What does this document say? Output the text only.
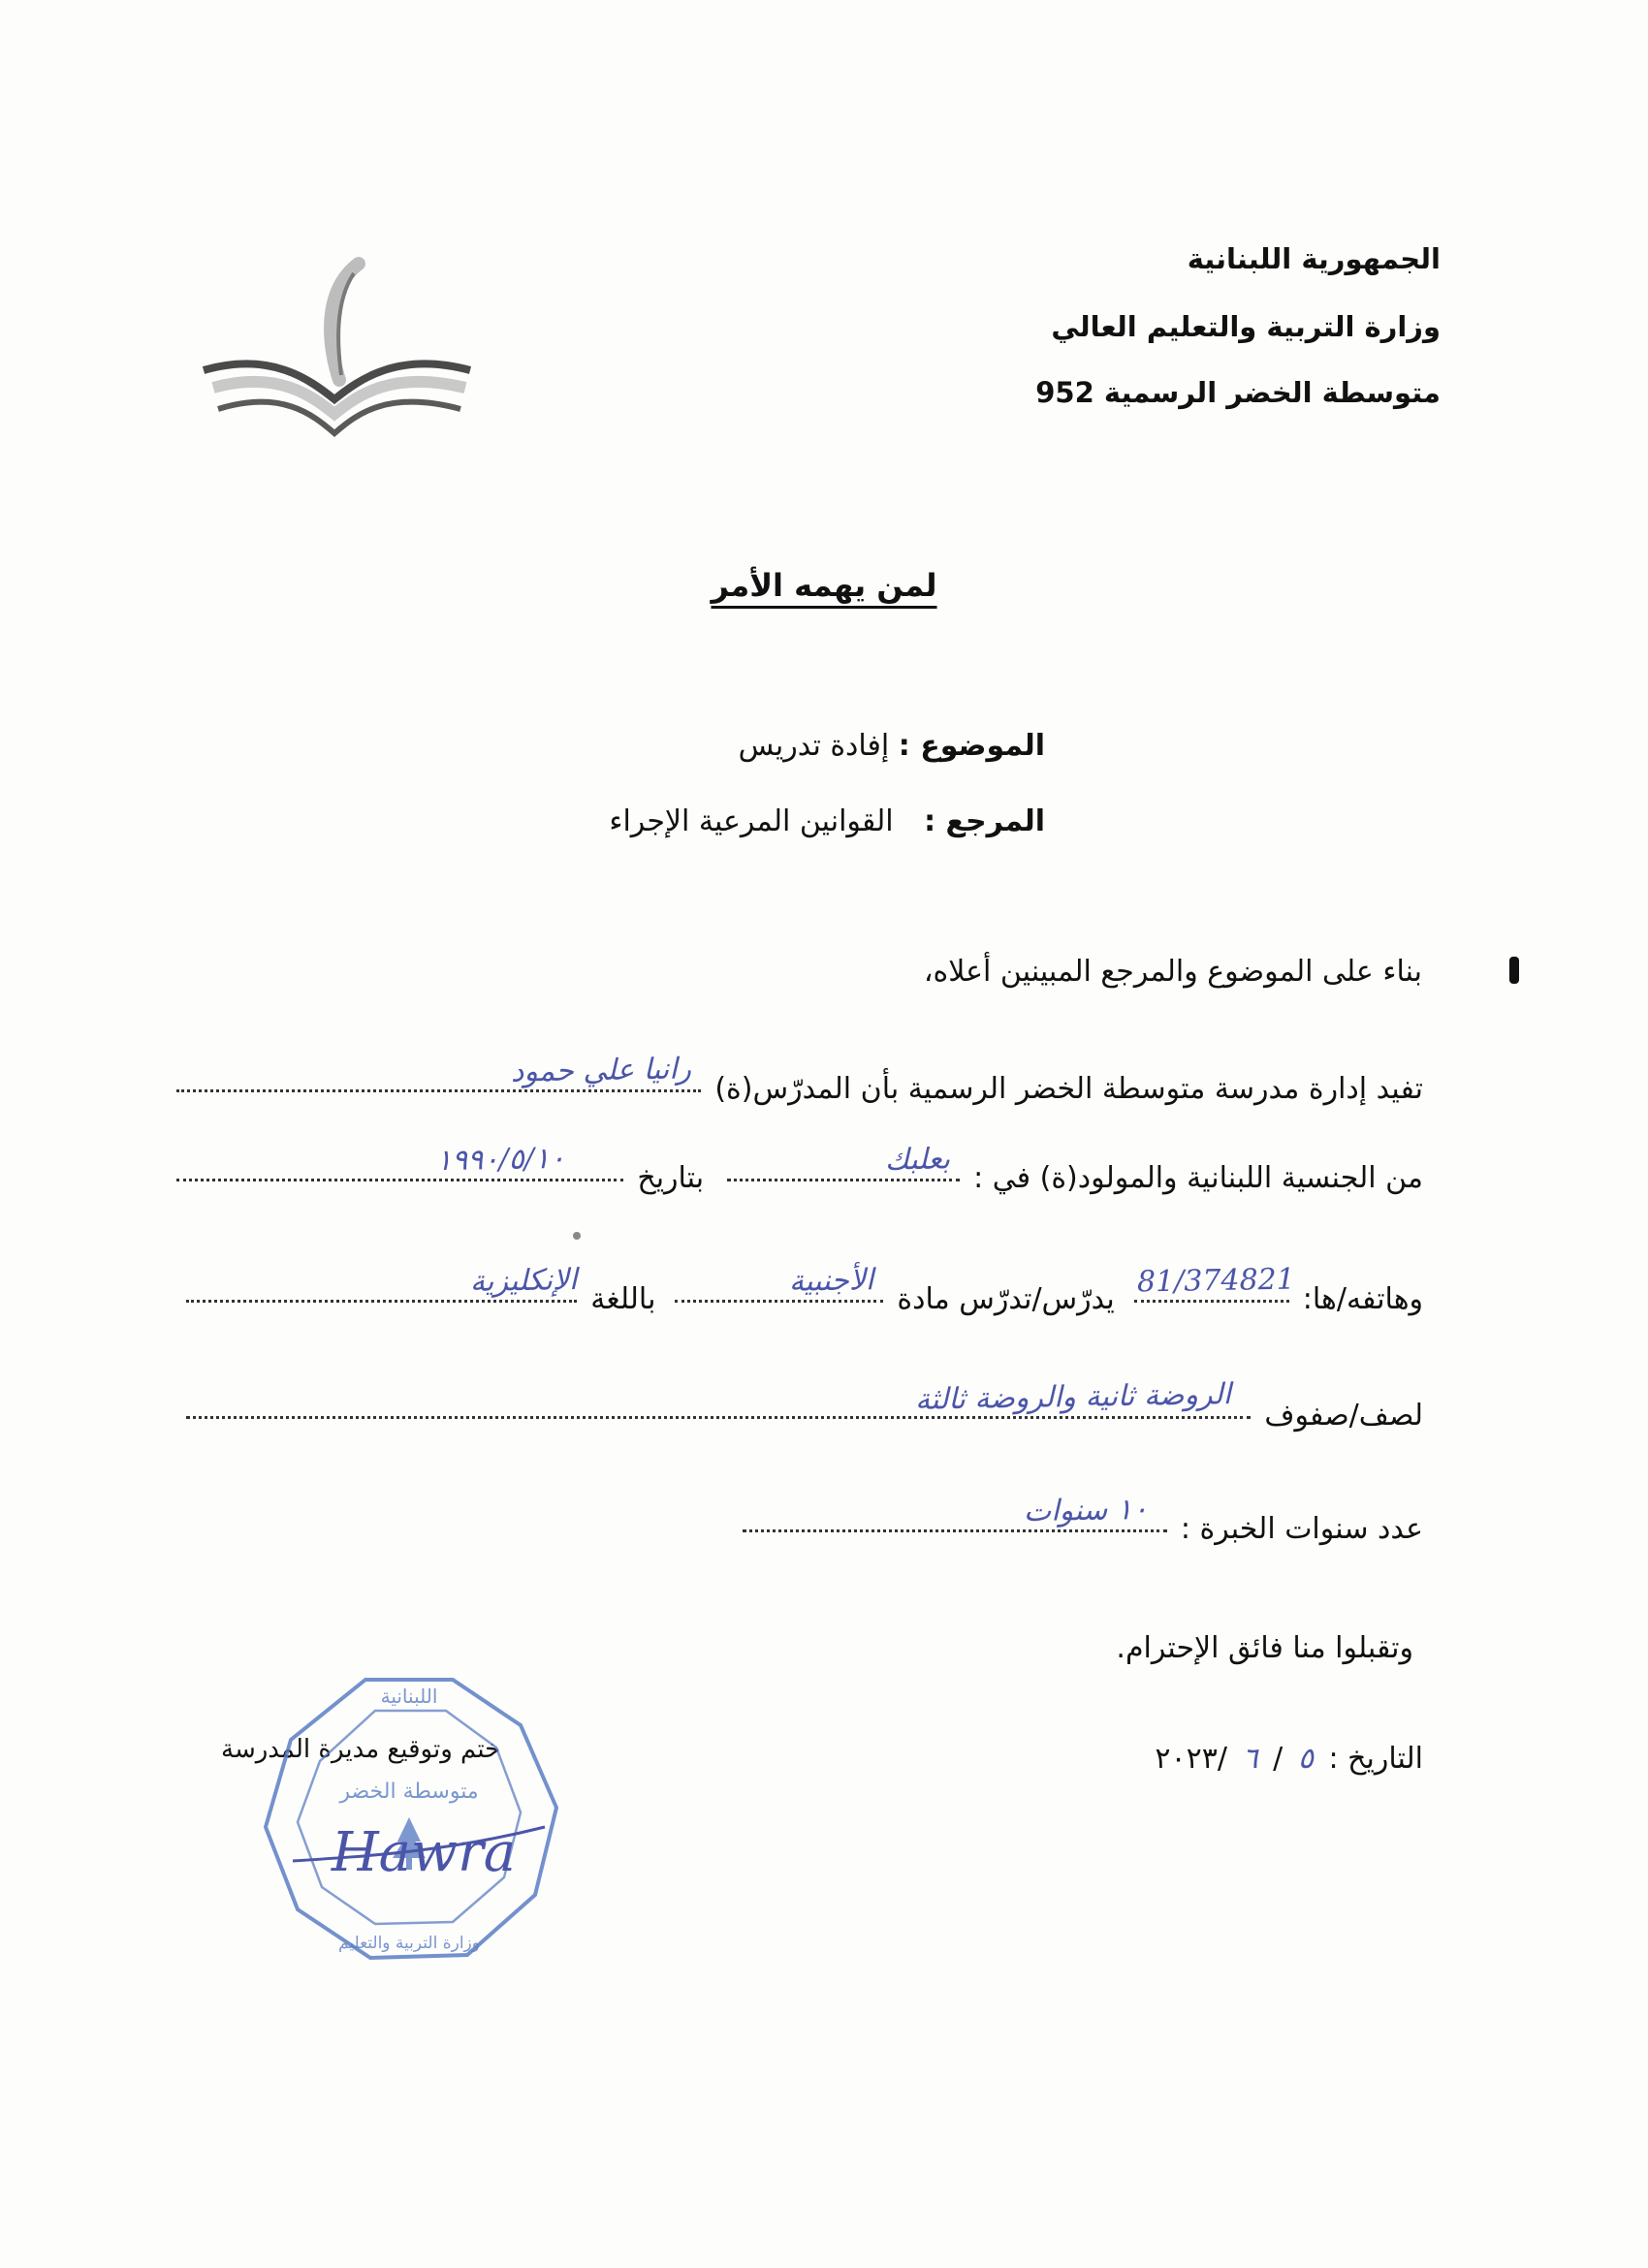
الجمهورية اللبنانية
وزارة التربية والتعليم العالي
متوسطة الخضر الرسمية 952
لمن يهمه الأمر
الموضوع : إفادة تدريس
المرجع : القوانين المرعية الإجراء
بناء على الموضوع والمرجع المبينين أعلاه،
تفيد إدارة مدرسة متوسطة الخضر الرسمية بأن المدرّس(ة)
رانيا علي حمود
من الجنسية اللبنانية والمولود(ة) في :
بعلبك
بتاريخ
١٩٩٠/٥/١٠
وهاتفه/ها:
81/374821
يدرّس/تدرّس مادة
الأجنبية
باللغة
الإنكليزية
لصف/صفوف
الروضة ثانية والروضة ثالثة
عدد سنوات الخبرة :
١٠ سنوات
وتقبلوا منا فائق الإحترام.
التاريخ : ٥ / ٦ /٢٠٢٣
ختم وتوقيع مديرة المدرسة
اللبنانية
متوسطة الخضر
وزارة التربية والتعليم
Hawra
